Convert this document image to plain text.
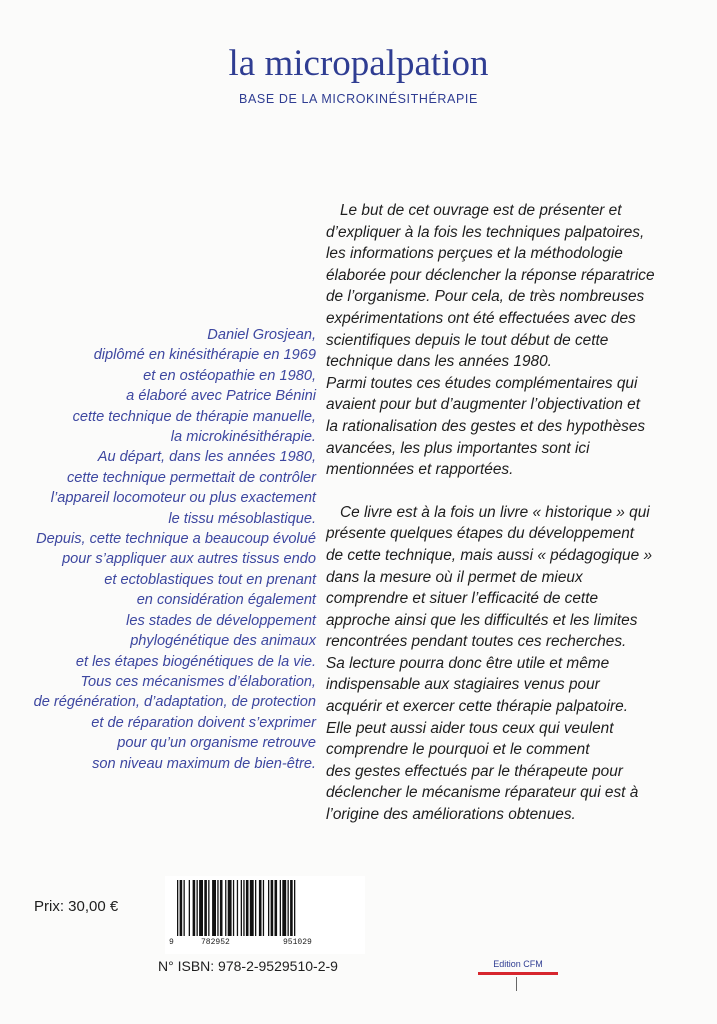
la micropalpation
BASE DE LA MICROKINÉSITHÉRAPIE

Le but de cet ouvrage est de présenter et
d’expliquer à la fois les techniques palpatoires,
les informations perçues et la méthodologie
élaborée pour déclencher la réponse réparatrice
de l’organisme. Pour cela, de très nombreuses
expérimentations ont été effectuées avec des
scientifiques depuis le tout début de cette
technique dans les années 1980.
Parmi toutes ces études complémentaires qui
avaient pour but d’augmenter l’objectivation et
la rationalisation des gestes et des hypothèses
avancées, les plus importantes sont ici
mentionnées et rapportées.

Ce livre est à la fois un livre « historique » qui
présente quelques étapes du développement
de cette technique, mais aussi « pédagogique »
dans la mesure où il permet de mieux
comprendre et situer l’efficacité de cette
approche ainsi que les difficultés et les limites
rencontrées pendant toutes ces recherches.
Sa lecture pourra donc être utile et même
indispensable aux stagiaires venus pour
acquérir et exercer cette thérapie palpatoire.
Elle peut aussi aider tous ceux qui veulent
comprendre le pourquoi et le comment
des gestes effectués par le thérapeute pour
déclencher le mécanisme réparateur qui est à
l’origine des améliorations obtenues.

Daniel Grosjean,

diplômé en kinésithérapie en 1969

et en ostéopathie en 1980,

a élaboré avec Patrice Bénini

cette technique de thérapie manuelle,

la microkinésithérapie.

Au départ, dans les années 1980,

cette technique permettait de contrôler

l’appareil locomoteur ou plus exactement

le tissu mésoblastique.

Depuis, cette technique a beaucoup évolué

pour s’appliquer aux autres tissus endo

et ectoblastiques tout en prenant

en considération également

les stades de développement

phylogénétique des animaux

et les étapes biogénétiques de la vie.

Tous ces mécanismes d’élaboration,

de régénération, d’adaptation, de protection

et de réparation doivent s’exprimer

pour qu’un organisme retrouve

son niveau maximum de bien-être.

Prix: 30,00 €
9	782952	951029
N° ISBN: 978-2-9529510-2-9	Edition CFM
